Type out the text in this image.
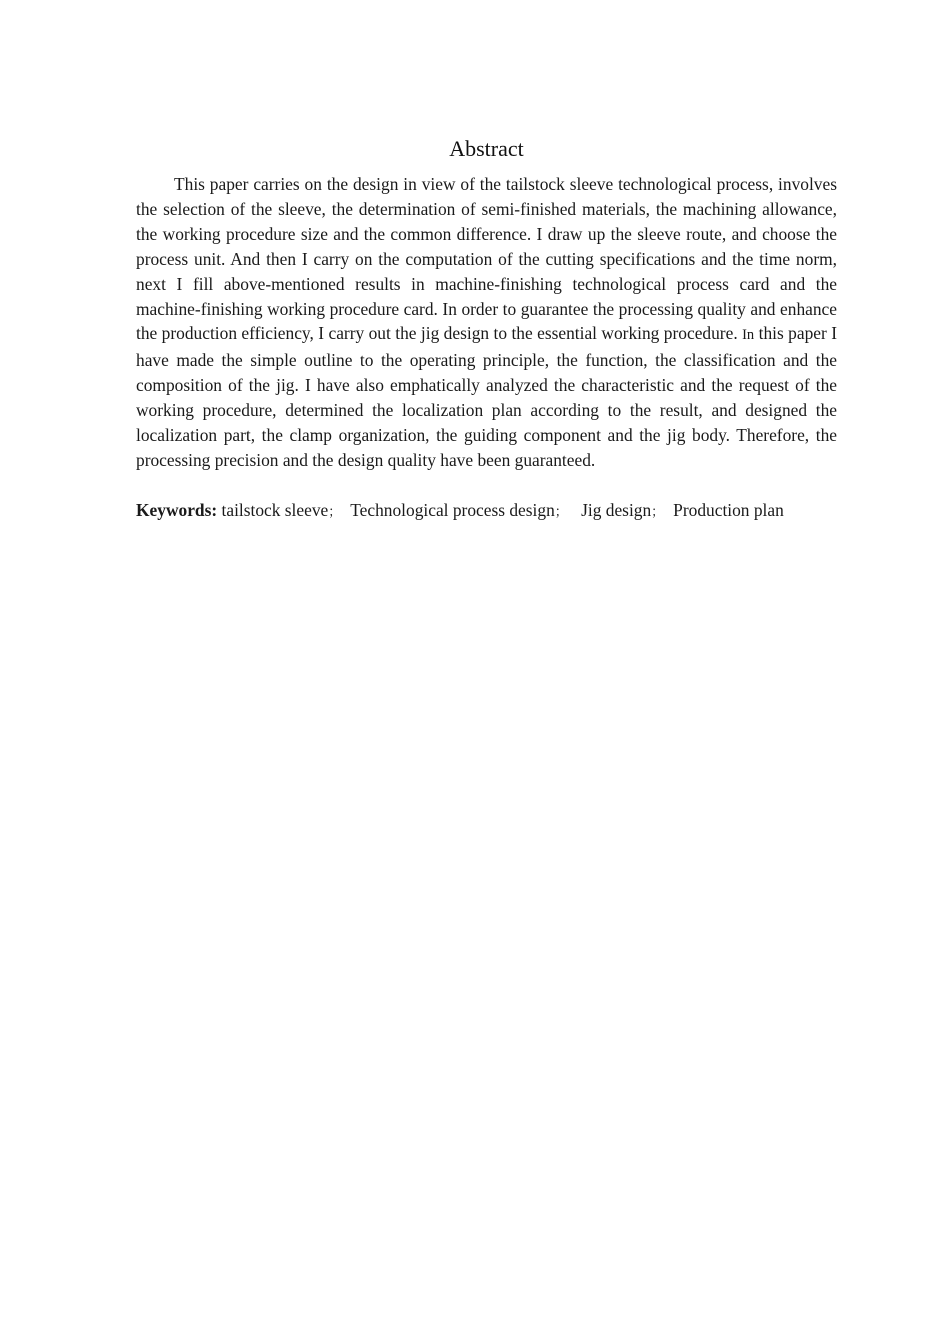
Abstract

This paper carries on the design in view of the tailstock sleeve technological process, involves the selection of the sleeve, the determination of semi-finished materials, the machining allowance, the working procedure size and the common difference. I draw up the sleeve route, and choose the process unit. And then I carry on the computation of the cutting specifications and the time norm, next I fill above-mentioned results in machine-finishing technological process card and the machine-finishing working procedure card. In order to guarantee the processing quality and enhance the production efficiency, I carry out the jig design to the essential working procedure. In this paper I have made the simple outline to the operating principle, the function, the classification and the composition of the jig. I have also emphatically analyzed the characteristic and the request of the working procedure, determined the localization plan according to the result, and designed the localization part, the clamp organization, the guiding component and the jig body. Therefore, the processing precision and the design quality have been guaranteed.

Keywords: tailstock sleeve； Technological process design； Jig design； Production plan
